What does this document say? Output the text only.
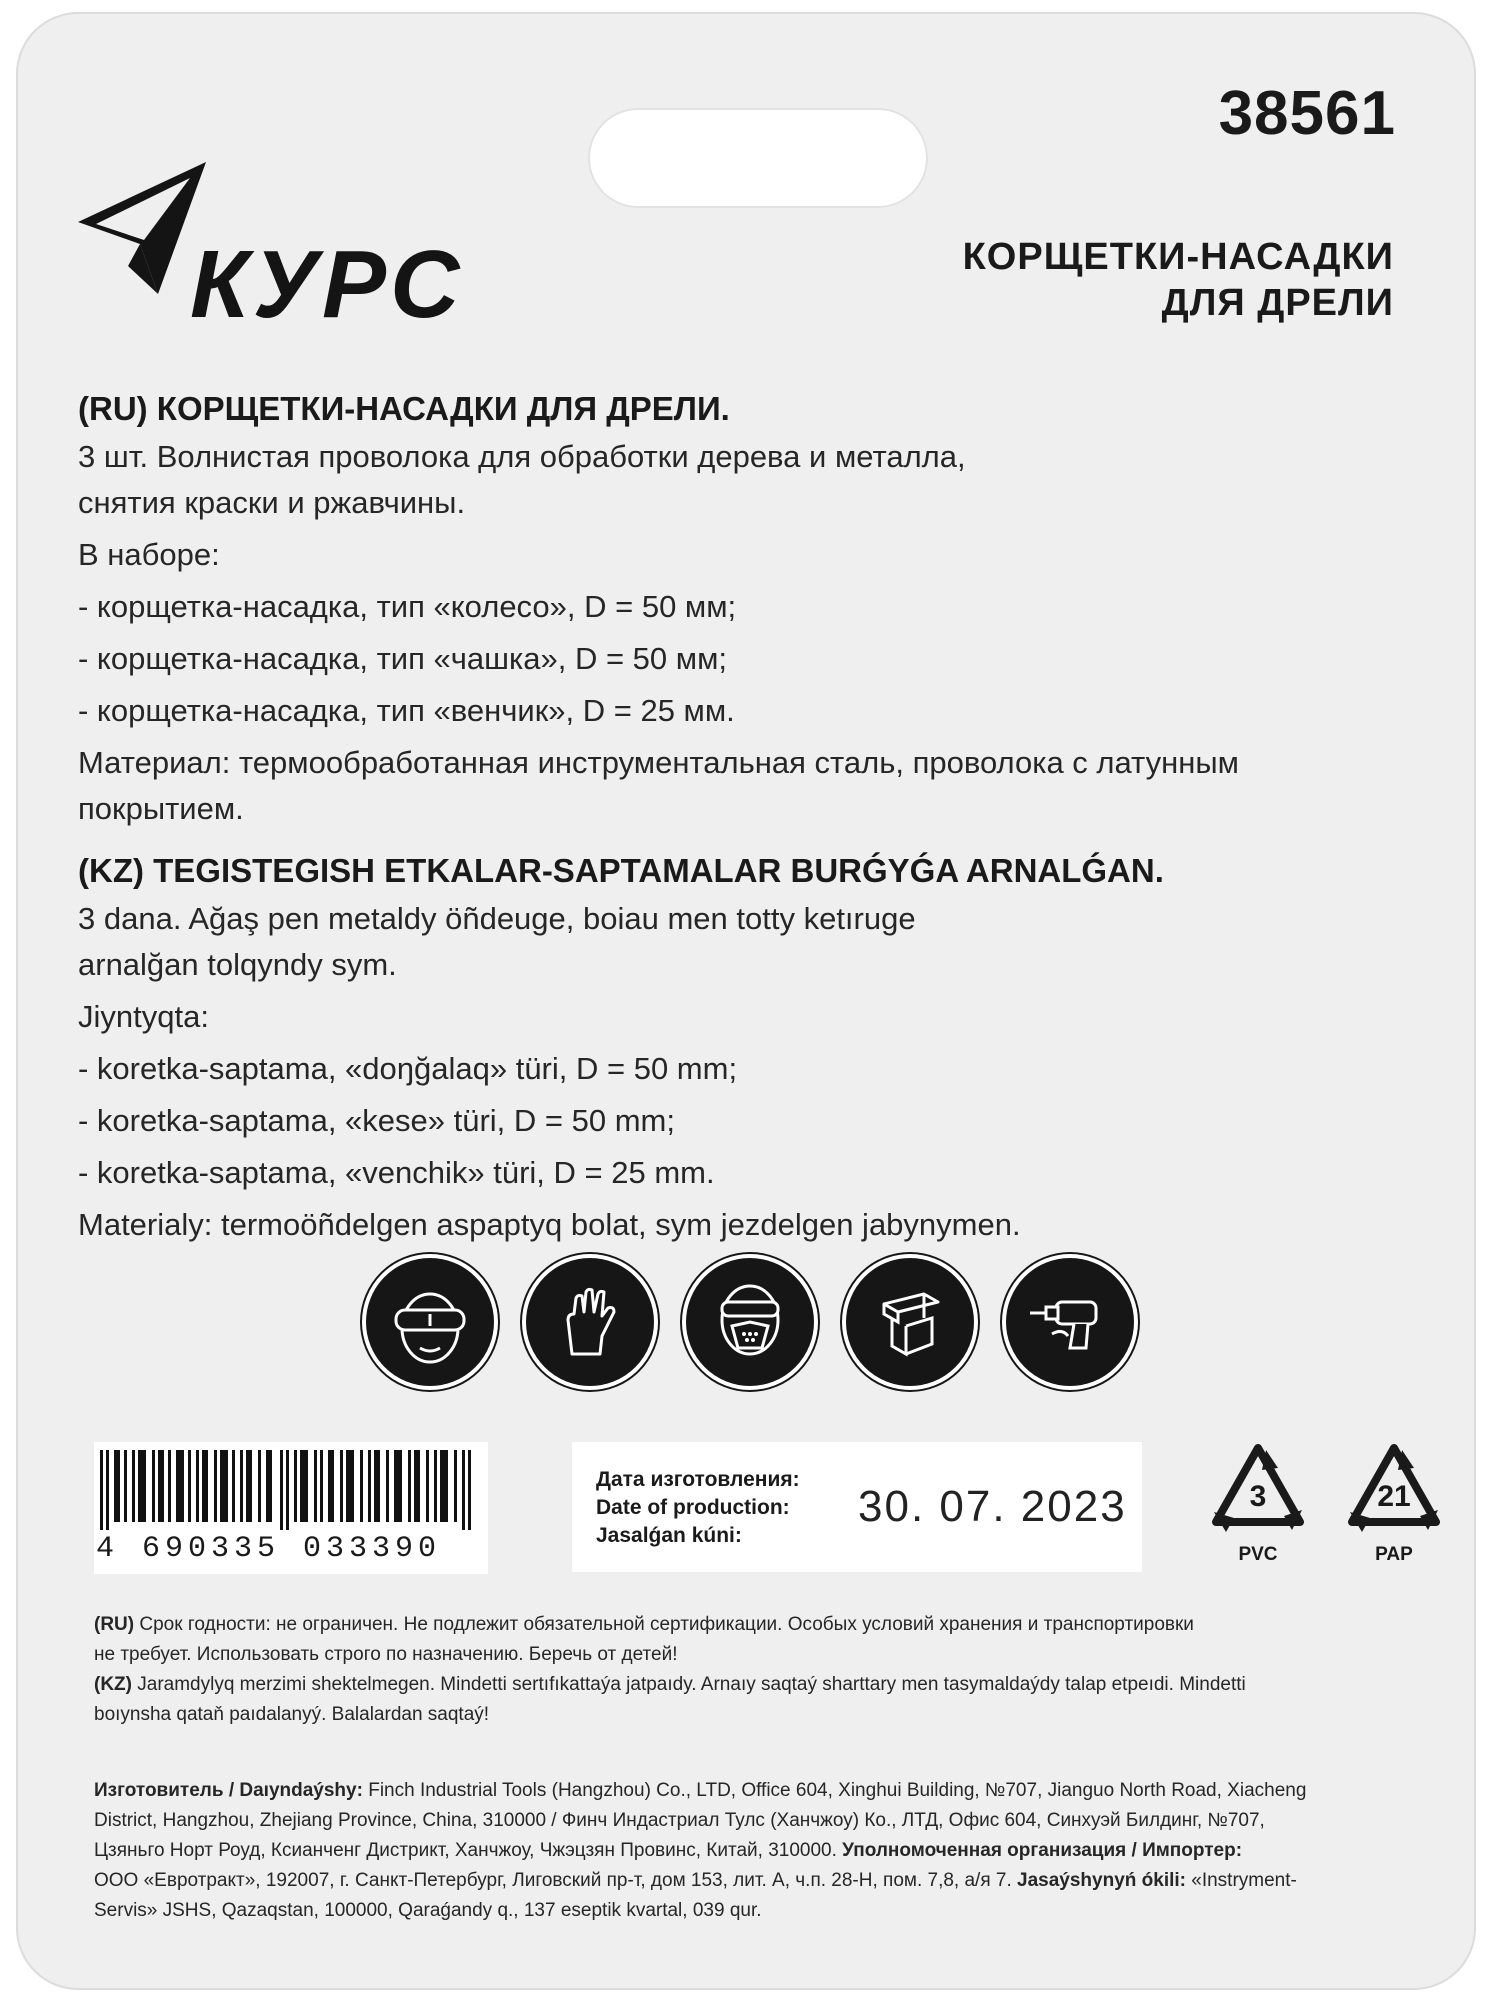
38561
КУРС	КОРЩЕТКИ-НАСАДКИ
ДЛЯ ДРЕЛИ
(RU) КОРЩЕТКИ-НАСАДКИ ДЛЯ ДРЕЛИ.
3 шт. Волнистая проволока для обработки дерева и металла,
снятия краски и ржавчины.
В наборе:
- корщетка-насадка, тип «колесо», D = 50 мм;
- корщетка-насадка, тип «чашка», D = 50 мм;
- корщетка-насадка, тип «венчик», D = 25 мм.
Материал: термообработанная инструментальная сталь, проволока с латунным
покрытием.
(KZ) TEGISTEGISH ETKALAR-SAPTAMALAR BURǴYǴA ARNALǴAN.
3 dana. Ağaş pen metaldy öñdeuge, boiau men totty ketıruge
arnalğan tolqyndy sym.
Jiyntyqta:
- koretka-saptama, «doŋğalaq» türi, D = 50 mm;
- koretka-saptama, «kese» türi, D = 50 mm;
- koretka-saptama, «venchik» türi, D = 25 mm.
Materialy: termoöñdelgen aspaptyq bolat, sym jezdelgen jabynymen.
4 690335 033390
Дата изготовления:
Date of production:
Jasalǵan kúni:
30. 07. 2023	3
PVC
21
PAP

(RU) Срок годности: не ограничен. Не подлежит обязательной сертификации. Особых условий хранения и транспортировки

не требует. Использовать строго по назначению. Беречь от детей!

(KZ) Jaramdylyq merzimi shektelmegen. Mindetti sertıfıkattaýa jatpaıdy. Arnaıy saqtaý sharttary men tasymaldaýdy talap etpeıdi. Mindetti

boıynsha qataň paıdalanyý. Balalardan saqtaý!

Изготовитель / Daıyndaýshy: Finch Industrial Tools (Hangzhou) Co., LTD, Office 604, Xinghui Building, №707, Jianguo North Road, Xiacheng

District, Hangzhou, Zhejiang Province, China, 310000 / Финч Индастриал Тулс (Ханчжоу) Ко., ЛТД, Офис 604, Синхуэй Билдинг, №707,

Цзяньго Норт Роуд, Ксианченг Дистрикт, Ханчжоу, Чжэцзян Провинс, Китай, 310000. Уполномоченная организация / Импортер:

ООО «Евротракт», 192007, г. Санкт-Петербург, Лиговский пр-т, дом 153, лит. А, ч.п. 28-Н, пом. 7,8, а/я 7. Jasaýshynyń ókili: «Instryment-

Servis» JSHS, Qazaqstan, 100000, Qaraǵandy q., 137 eseptik kvartal, 039 qur.
